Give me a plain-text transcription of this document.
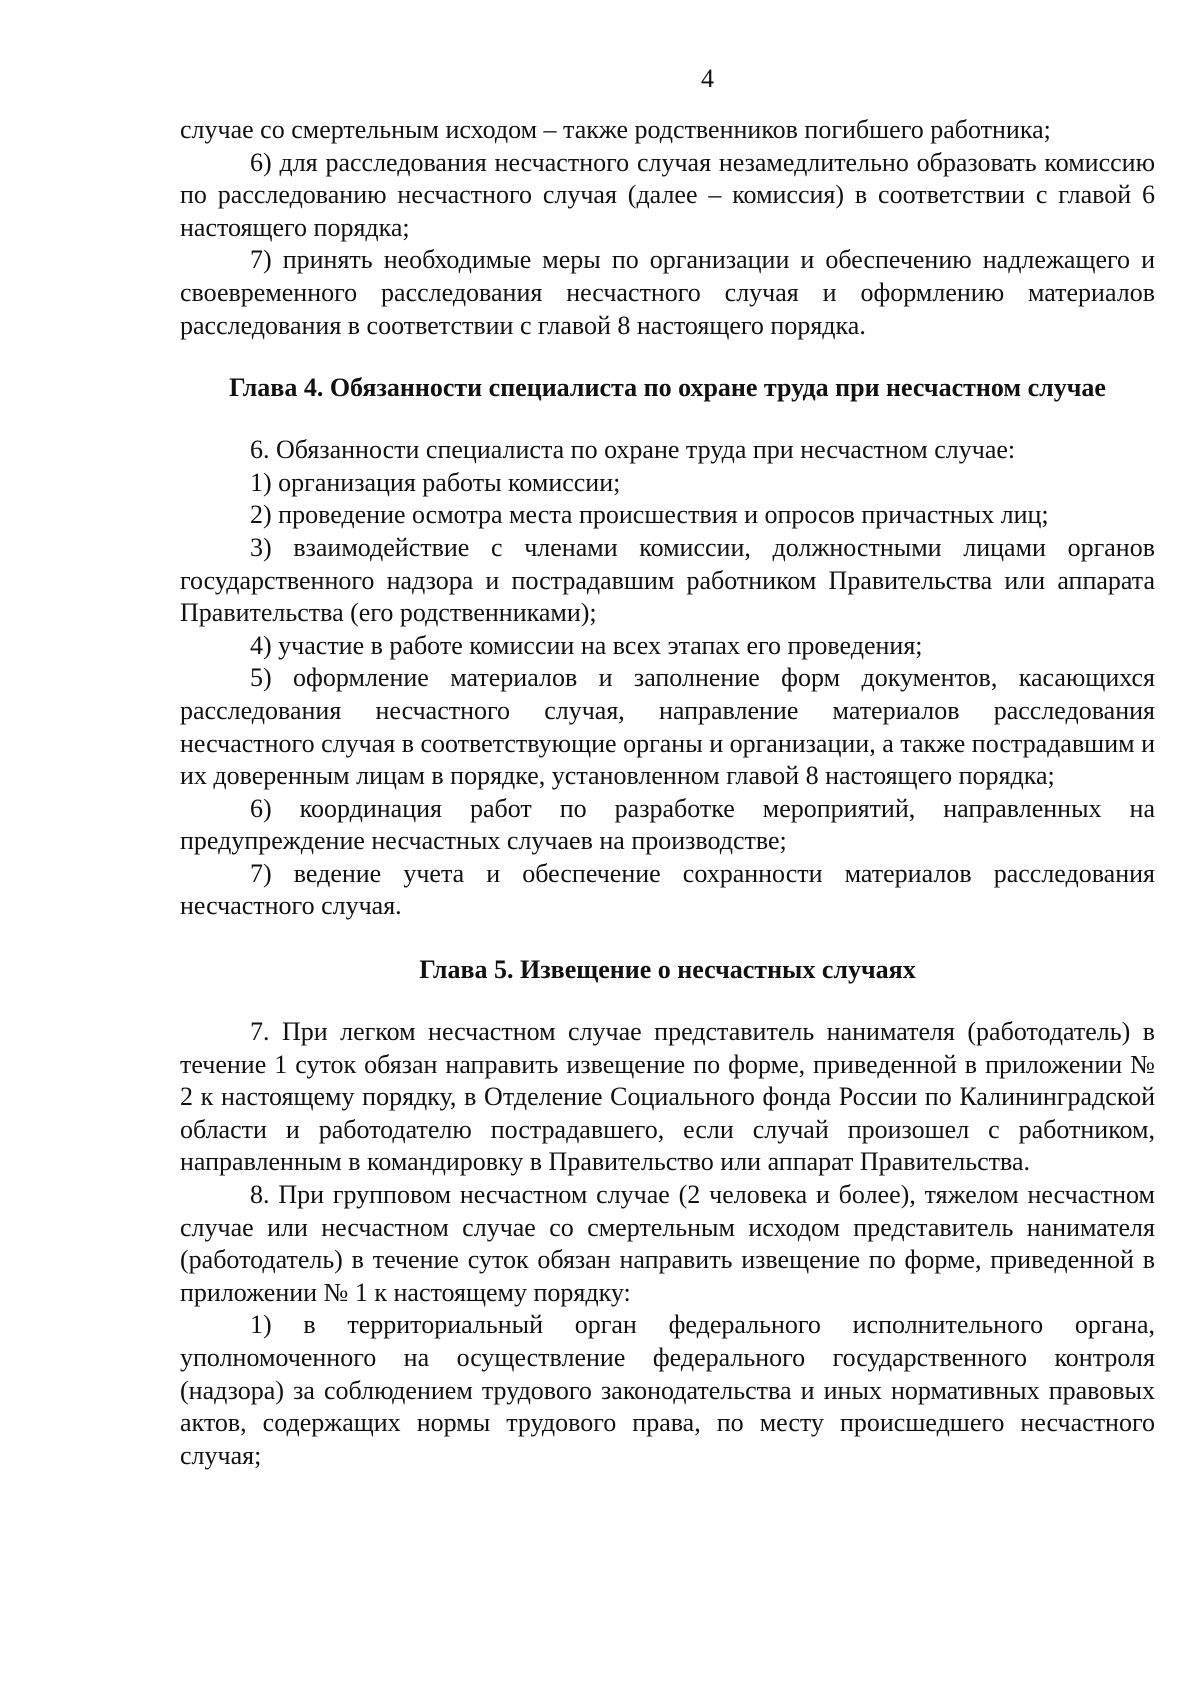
4

случае со смертельным исходом – также родственников погибшего работника;

6) для расследования несчастного случая незамедлительно образовать комиссию по расследованию несчастного случая (далее – комиссия) в соответствии с главой 6 настоящего порядка;

7) принять необходимые меры по организации и обеспечению надлежащего и своевременного расследования несчастного случая и оформлению материалов расследования в соответствии с главой 8 настоящего порядка.

Глава 4. Обязанности специалиста по охране труда при несчастном случае

6. Обязанности специалиста по охране труда при несчастном случае:

1) организация работы комиссии;

2) проведение осмотра места происшествия и опросов причастных лиц;

3) взаимодействие с членами комиссии, должностными лицами органов государственного надзора и пострадавшим работником Правительства или аппарата Правительства (его родственниками);

4) участие в работе комиссии на всех этапах его проведения;

5) оформление материалов и заполнение форм документов, касающихся расследования несчастного случая, направление материалов расследования несчастного случая в соответствующие органы и организации, а также пострадавшим и их доверенным лицам в порядке, установленном главой 8 настоящего порядка;

6) координация работ по разработке мероприятий, направленных на предупреждение несчастных случаев на производстве;

7) ведение учета и обеспечение сохранности материалов расследования несчастного случая.

Глава 5. Извещение о несчастных случаях

7. При легком несчастном случае представитель нанимателя (работодатель) в течение 1 суток обязан направить извещение по форме, приведенной в приложении № 2 к настоящему порядку, в Отделение Социального фонда России по Калининградской области и работодателю пострадавшего, если случай произошел с работником, направленным в командировку в Правительство или аппарат Правительства.

8. При групповом несчастном случае (2 человека и более), тяжелом несчастном случае или несчастном случае со смертельным исходом представитель нанимателя (работодатель) в течение суток обязан направить извещение по форме, приведенной в приложении № 1 к настоящему порядку:

1) в территориальный орган федерального исполнительного органа, уполномоченного на осуществление федерального государственного контроля (надзора) за соблюдением трудового законодательства и иных нормативных правовых актов, содержащих нормы трудового права, по месту происшедшего несчастного случая;
